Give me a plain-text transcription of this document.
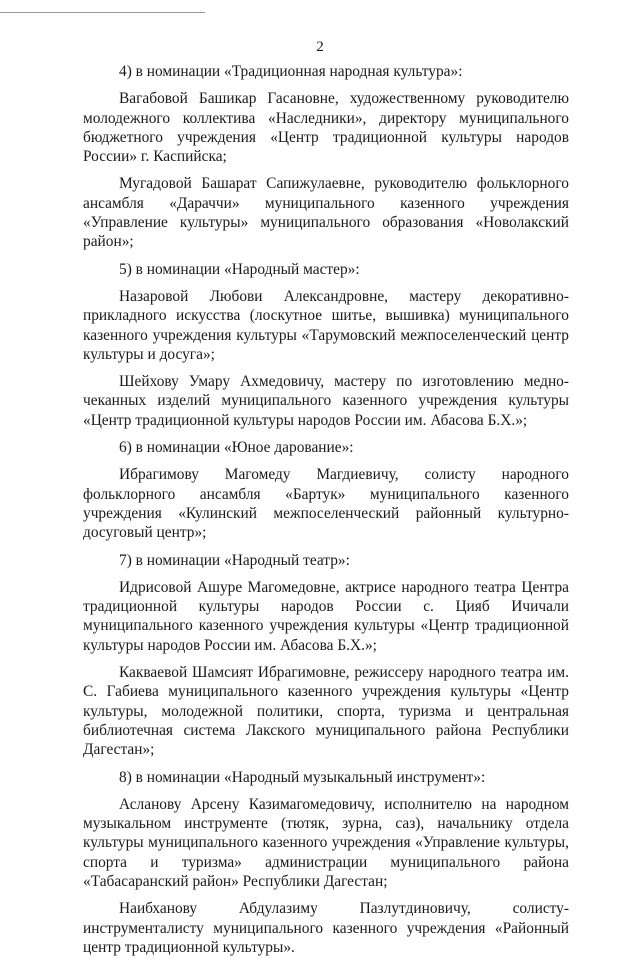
2

4) в номинации «Традиционная народная культура»:

Вагабовой Башикар Гасановне, художественному руководителю молодежного коллектива «Наследники», директору муниципального бюджетного учреждения «Центр традиционной культуры народов России» г. Каспийска;

Мугадовой Башарат Сапижулаевне, руководителю фольклорного ансамбля «Дараччи» муниципального казенного учреждения «Управление культуры» муниципального образования «Новолакский район»;

5) в номинации «Народный мастер»:

Назаровой Любови Александровне, мастеру декоративно-прикладного искусства (лоскутное шитье, вышивка) муниципального казенного учреждения культуры «Тарумовский межпоселенческий центр культуры и досуга»;

Шейхову Умару Ахмедовичу, мастеру по изготовлению медно-чеканных изделий муниципального казенного учреждения культуры «Центр традиционной культуры народов России им. Абасова Б.Х.»;

6) в номинации «Юное дарование»:

Ибрагимову Магомеду Магдиевичу, солисту народного фольклорного ансамбля «Бартук» муниципального казенного учреждения «Кулинский межпоселенческий районный культурно-досуговый центр»;

7) в номинации «Народный театр»:

Идрисовой Ашуре Магомедовне, актрисе народного театра Центра традиционной культуры народов России с. Цияб Ичичали муниципального казенного учреждения культуры «Центр традиционной культуры народов России им. Абасова Б.Х.»;

Какваевой Шамсият Ибрагимовне, режиссеру народного театра им. С. Габиева муниципального казенного учреждения культуры «Центр культуры, молодежной политики, спорта, туризма и центральная библиотечная система Лакского муниципального района Республики Дагестан»;

8) в номинации «Народный музыкальный инструмент»:

Асланову Арсену Казимагомедовичу, исполнителю на народном музыкальном инструменте (тютяк, зурна, саз), начальнику отдела культуры муниципального казенного учреждения «Управление культуры, спорта и туризма» администрации муниципального района «Табасаранский район» Республики Дагестан;

Наибханову Абдулазиму Пазлутдиновичу, солисту-инструменталисту муниципального казенного учреждения «Районный центр традиционной культуры».
